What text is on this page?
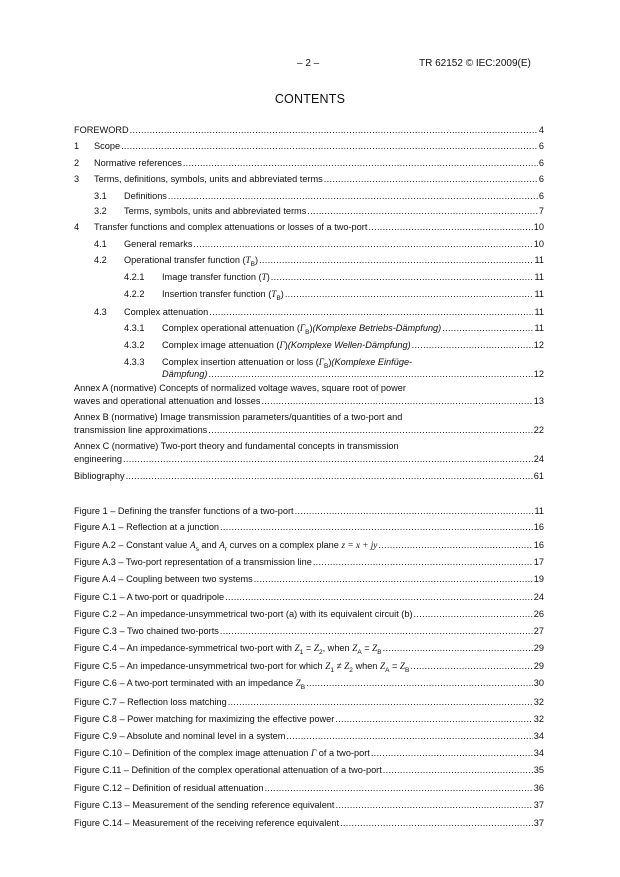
– 2 –	TR 62152 © IEC:2009(E)
CONTENTS
FOREWORD .....	4
1	Scope .....	6
2	Normative references .....	6
3	Terms, definitions, symbols, units and abbreviated terms .....	6
3.1	Definitions .....	6
3.2	Terms, symbols, units and abbreviated terms .....	7
4	Transfer functions and complex attenuations or losses of a two-port .....	10
4.1	General remarks .....	10
4.2	Operational transfer function $(T_B)$ .....	11
4.2.1	Image transfer function (T) .....	11
4.2.2	Insertion transfer function $(T_B)$ .....	11
4.3	Complex attenuation .....	11
4.3.1	Complex operational attenuation $(\Gamma_B)(Komplexe$ Betriebs-Dämpfung) .....	11
4.3.2	Complex image attenuation (Γ)(Komplexe Wellen-Dämpfung) .....	12
4.3.3	Complex insertion attenuation or loss $(\Gamma_B)(Komplexe$ Einfüge-
Dämpfung) .....	12
Annex A (normative) Concepts of normalized voltage waves, square root of power
waves and operational attenuation and losses .....	13
Annex B (normative) Image transmission parameters/quantities of a two-port and
transmission line approximations .....	22
Annex C (normative) Two-port theory and fundamental concepts in transmission
engineering .....	24
Bibliography .....	61
Figure 1 – Defining the transfer functions of a two-port .....	11
Figure A.1 – Reflection at a junction .....	16
Figure A.2 – Constant value $A_s$ and $A_r$ curves on a complex plane z = x + jy .....	16
Figure A.3 – Two-port representation of a transmission line .....	17
Figure A.4 – Coupling between two systems .....	19
Figure C.1 – A two-port or quadripole .....	24
Figure C.2 – An impedance-unsymmetrical two-port (a) with its equivalent circuit (b) .....	26
Figure C.3 – Two chained two-ports .....	27
Figure C.4 – An impedance-symmetrical two-port with $Z_1 = Z_2$, when $Z_A = Z_B$ .....	29
Figure C.5 – An impedance-unsymmetrical two-port for which $Z_1 \ne Z_2$ when $Z_A = Z_B$ .....	29
Figure C.6 – A two-port terminated with an impedance $Z_B$ .....	30
Figure C.7 – Reflection loss matching .....	32
Figure C.8 – Power matching for maximizing the effective power .....	32
Figure C.9 – Absolute and nominal level in a system .....	34
Figure C.10 – Definition of the complex image attenuation Γ of a two-port .....	34
Figure C.11 – Definition of the complex operational attenuation of a two-port .....	35
Figure C.12 – Definition of residual attenuation .....	36
Figure C.13 – Measurement of the sending reference equivalent .....	37
Figure C.14 – Measurement of the receiving reference equivalent .....	37
